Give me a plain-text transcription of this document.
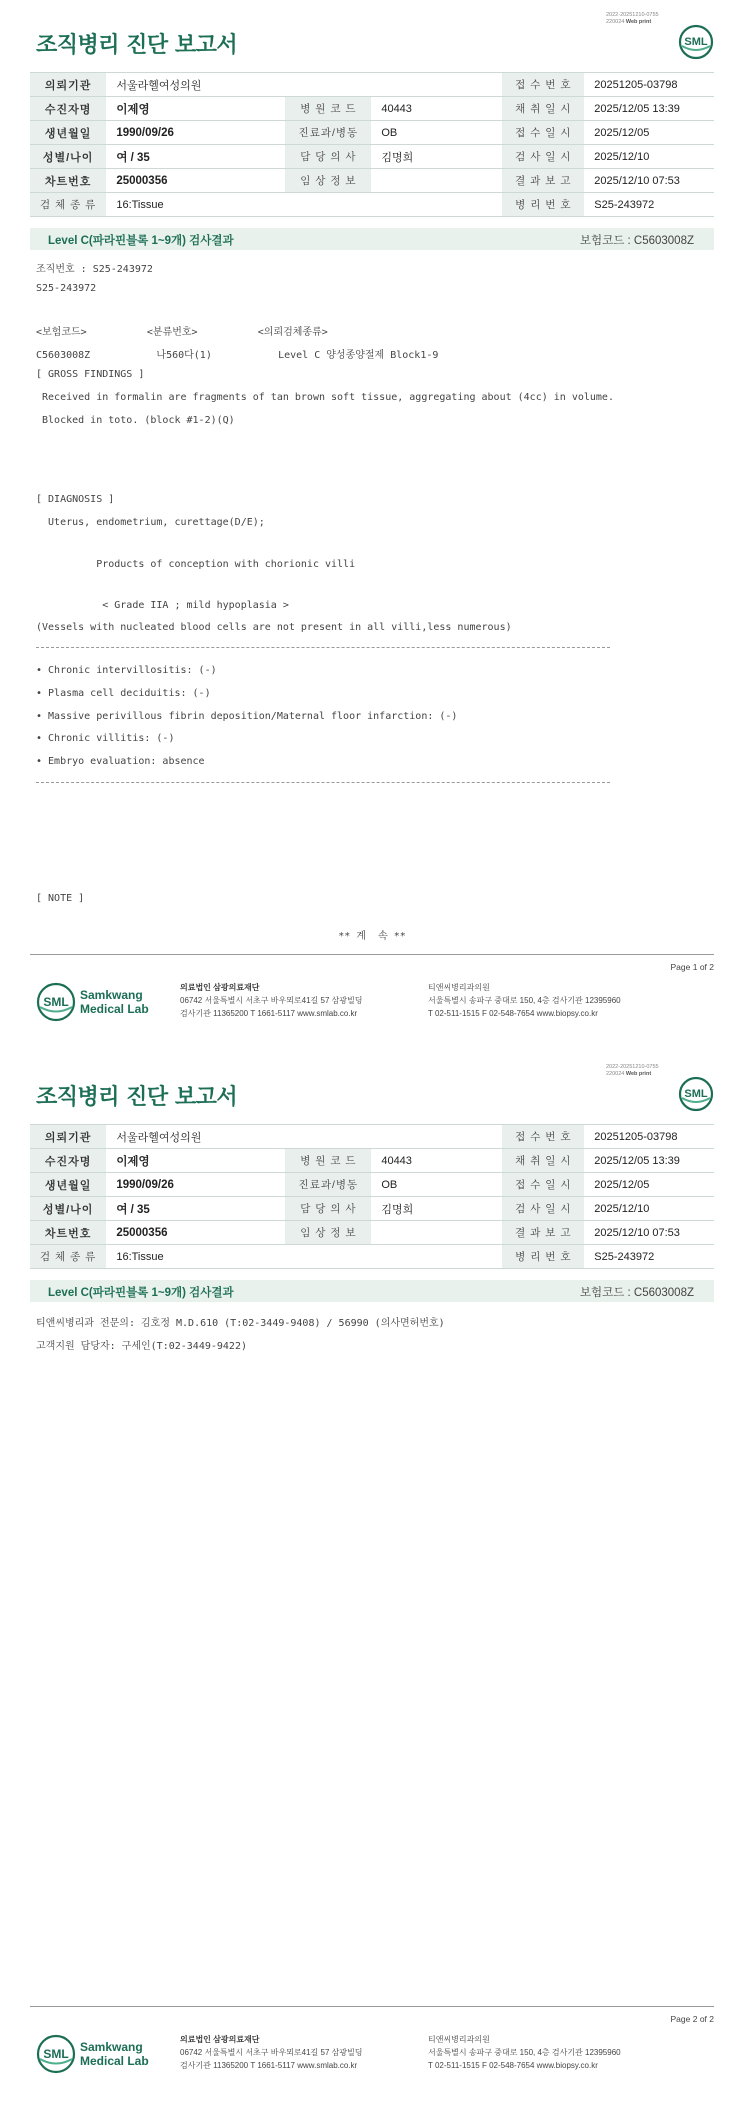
2022-20251210-0755
220024 Web print
조직병리 진단 보고서	SML
의뢰기관	서울라헬여성의원			접 수 번 호	20251205-03798
수진자명	이제영	병 원 코 드	40443	채 취 일 시	2025/12/05 13:39
생년월일	1990/09/26	진료과/병동	OB	접 수 일 시	2025/12/05
성별/나이	여 / 35	담 당 의 사	김명희	검 사 일 시	2025/12/10
차트번호	25000356	임 상 정 보		결 과 보 고	2025/12/10 07:53
검 체 종 류	16:Tissue			병 리 번 호	S25-243972
Level C(파라핀블록 1~9개) 검사결과	보험코드 : C5603008Z
조직번호 : S25-243972
S25-243972
<보험코드>          <분류번호>          <의뢰검체종류>
C5603008Z           나560다(1)           Level C 양성종양절제 Block1-9
[ GROSS FINDINGS ]
Received in formalin are fragments of tan brown soft tissue, aggregating about (4cc) in volume.
Blocked in toto. (block #1-2)(Q)
[ DIAGNOSIS ]
Uterus, endometrium, curettage(D/E);
Products of conception with chorionic villi
< Grade IIA ; mild hypoplasia >
(Vessels with nucleated blood cells are not present in all villi,less numerous)
• Chronic intervillositis: (-)
• Plasma cell deciduitis: (-)
• Massive perivillous fibrin deposition/Maternal floor infarction: (-)
• Chronic villitis: (-)
• Embryo evaluation: absence
[ NOTE ]
** 계  속 **
Page 1 of 2
SML Samkwang
Medical Lab
의료법인 삼광의료재단
06742 서울특별시 서초구 바우뫼로41길 57 삼광빌딩
검사기관 11365200 T 1661-5117 www.smlab.co.kr
티앤씨병리과의원
서울특별시 송파구 중대로 150, 4층 검사기관 12395960
T 02-511-1515 F 02-548-7654 www.biopsy.co.kr
2022-20251210-0755
220024 Web print
조직병리 진단 보고서	SML
의뢰기관	서울라헬여성의원			접 수 번 호	20251205-03798
수진자명	이제영	병 원 코 드	40443	채 취 일 시	2025/12/05 13:39
생년월일	1990/09/26	진료과/병동	OB	접 수 일 시	2025/12/05
성별/나이	여 / 35	담 당 의 사	김명희	검 사 일 시	2025/12/10
차트번호	25000356	임 상 정 보		결 과 보 고	2025/12/10 07:53
검 체 종 류	16:Tissue			병 리 번 호	S25-243972
Level C(파라핀블록 1~9개) 검사결과	보험코드 : C5603008Z
티앤씨병리과 전문의: 김호정 M.D.610 (T:02-3449-9408) / 56990 (의사면허번호)
고객지원 담당자: 구세인(T:02-3449-9422)
Page 2 of 2
SML Samkwang
Medical Lab
의료법인 삼광의료재단
06742 서울특별시 서초구 바우뫼로41길 57 삼광빌딩
검사기관 11365200 T 1661-5117 www.smlab.co.kr
티앤씨병리과의원
서울특별시 송파구 중대로 150, 4층 검사기관 12395960
T 02-511-1515 F 02-548-7654 www.biopsy.co.kr
